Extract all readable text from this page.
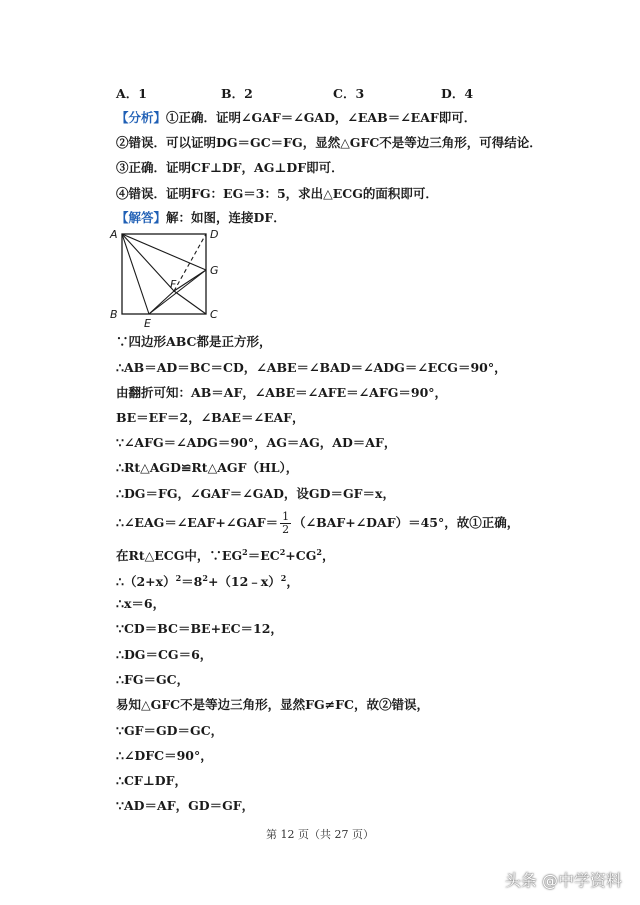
A．1	B．2	C．3	D．4
【分析】①正确．证明∠GAF＝∠GAD，∠EAB＝∠EAF即可．
②错误．可以证明DG＝GC＝FG，显然△GFC不是等边三角形，可得结论．
③正确．证明CF⊥DF，AG⊥DF即可．
④错误．证明FG：EG＝3：5，求出△ECG的面积即可．
【解答】解：如图，连接DF．
A	D
B	C
E
F
G
∵四边形ABC都是正方形，
∴AB＝AD＝BC＝CD，∠ABE＝∠BAD＝∠ADG＝∠ECG＝90°，
由翻折可知：AB＝AF，∠ABE＝∠AFE＝∠AFG＝90°，
BE＝EF＝2，∠BAE＝∠EAF，
∵∠AFG＝∠ADG＝90°，AG＝AG，AD＝AF，
∴Rt△AGD≌Rt△AGF（HL），
∴DG＝FG，∠GAF＝∠GAD，设GD＝GF＝x，
∴∠EAG＝∠EAF+∠GAF＝ $\frac{1}{2}$ （∠BAF+∠DAF）＝45°，故①正确，
在Rt△ECG中，$\because EG^2=EC^2+CG^2$，
$\therefore(2+x)^2=8^2+(12﹣x)^2$，
∴x＝6，
∵CD＝BC＝BE+EC＝12，
∴DG＝CG＝6，
∴FG＝GC，
易知△GFC不是等边三角形，显然FG≠FC，故②错误，
∵GF＝GD＝GC，
∴∠DFC＝90°，
∴CF⊥DF，
∵AD＝AF，GD＝GF，
第 12 页（共 27 页）
头条 @中学资料
